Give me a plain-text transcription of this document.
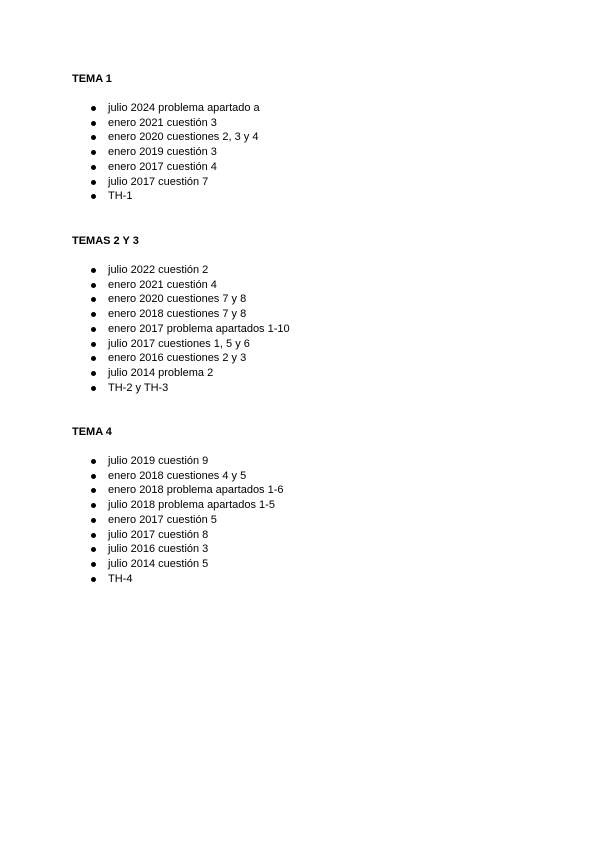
TEMA 1
julio 2024 problema apartado a
enero 2021 cuestión 3
enero 2020 cuestiones 2, 3 y 4
enero 2019 cuestión 3
enero 2017 cuestión 4
julio 2017 cuestión 7
TH-1
TEMAS 2 Y 3
julio 2022 cuestión 2
enero 2021 cuestión 4
enero 2020 cuestiones 7 y 8
enero 2018 cuestiones 7 y 8
enero 2017 problema apartados 1-10
julio 2017 cuestiones 1, 5 y 6
enero 2016 cuestiones 2 y 3
julio 2014 problema 2
TH-2 y TH-3
TEMA 4
julio 2019 cuestión 9
enero 2018 cuestiones 4 y 5
enero 2018 problema apartados 1-6
julio 2018 problema apartados 1-5
enero 2017 cuestión 5
julio 2017 cuestión 8
julio 2016 cuestión 3
julio 2014 cuestión 5
TH-4
